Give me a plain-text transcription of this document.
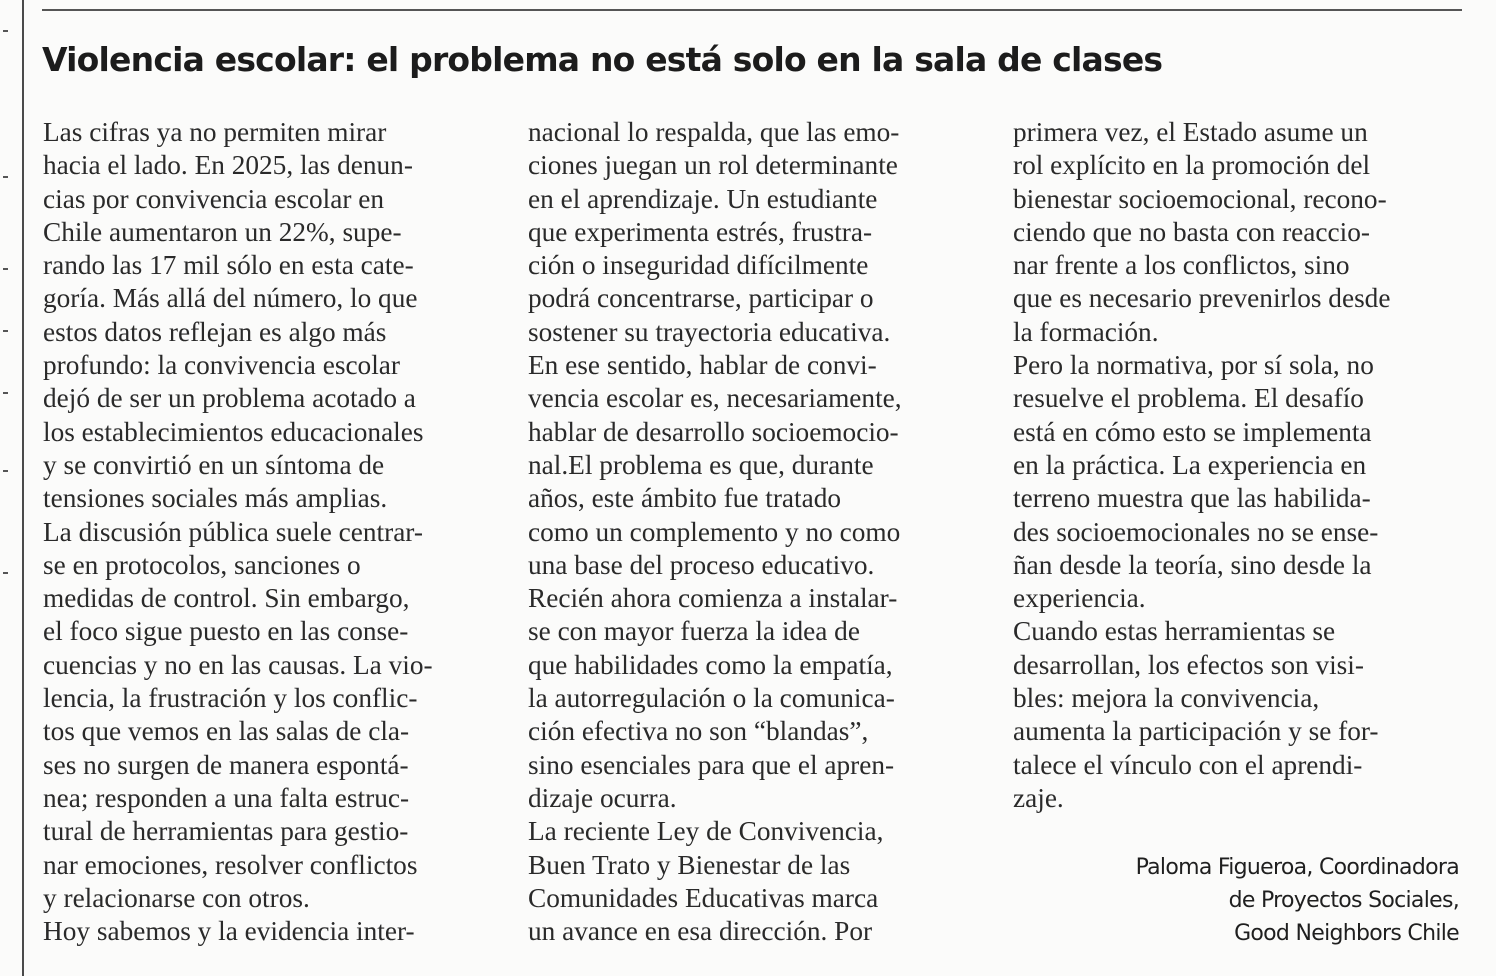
Violencia escolar: el problema no está solo en la sala de clases
Las cifras ya no permiten mirar
hacia el lado. En 2025, las denun-
cias por convivencia escolar en
Chile aumentaron un 22%, supe-
rando las 17 mil sólo en esta cate-
goría. Más allá del número, lo que
estos datos reflejan es algo más
profundo: la convivencia escolar
dejó de ser un problema acotado a
los establecimientos educacionales
y se convirtió en un síntoma de
tensiones sociales más amplias.
La discusión pública suele centrar-
se en protocolos, sanciones o
medidas de control. Sin embargo,
el foco sigue puesto en las conse-
cuencias y no en las causas. La vio-
lencia, la frustración y los conflic-
tos que vemos en las salas de cla-
ses no surgen de manera espontá-
nea; responden a una falta estruc-
tural de herramientas para gestio-
nar emociones, resolver conflictos
y relacionarse con otros.
Hoy sabemos y la evidencia inter-
nacional lo respalda, que las emo-
ciones juegan un rol determinante
en el aprendizaje. Un estudiante
que experimenta estrés, frustra-
ción o inseguridad difícilmente
podrá concentrarse, participar o
sostener su trayectoria educativa.
En ese sentido, hablar de convi-
vencia escolar es, necesariamente,
hablar de desarrollo socioemocio-
nal.El problema es que, durante
años, este ámbito fue tratado
como un complemento y no como
una base del proceso educativo.
Recién ahora comienza a instalar-
se con mayor fuerza la idea de
que habilidades como la empatía,
la autorregulación o la comunica-
ción efectiva no son “blandas”,
sino esenciales para que el apren-
dizaje ocurra.
La reciente Ley de Convivencia,
Buen Trato y Bienestar de las
Comunidades Educativas marca
un avance en esa dirección. Por
primera vez, el Estado asume un
rol explícito en la promoción del
bienestar socioemocional, recono-
ciendo que no basta con reaccio-
nar frente a los conflictos, sino
que es necesario prevenirlos desde
la formación.
Pero la normativa, por sí sola, no
resuelve el problema. El desafío
está en cómo esto se implementa
en la práctica. La experiencia en
terreno muestra que las habilida-
des socioemocionales no se ense-
ñan desde la teoría, sino desde la
experiencia.
Cuando estas herramientas se
desarrollan, los efectos son visi-
bles: mejora la convivencia,
aumenta la participación y se for-
talece el vínculo con el aprendi-
zaje.
Paloma Figueroa, Coordinadora
de Proyectos Sociales,
Good Neighbors Chile
